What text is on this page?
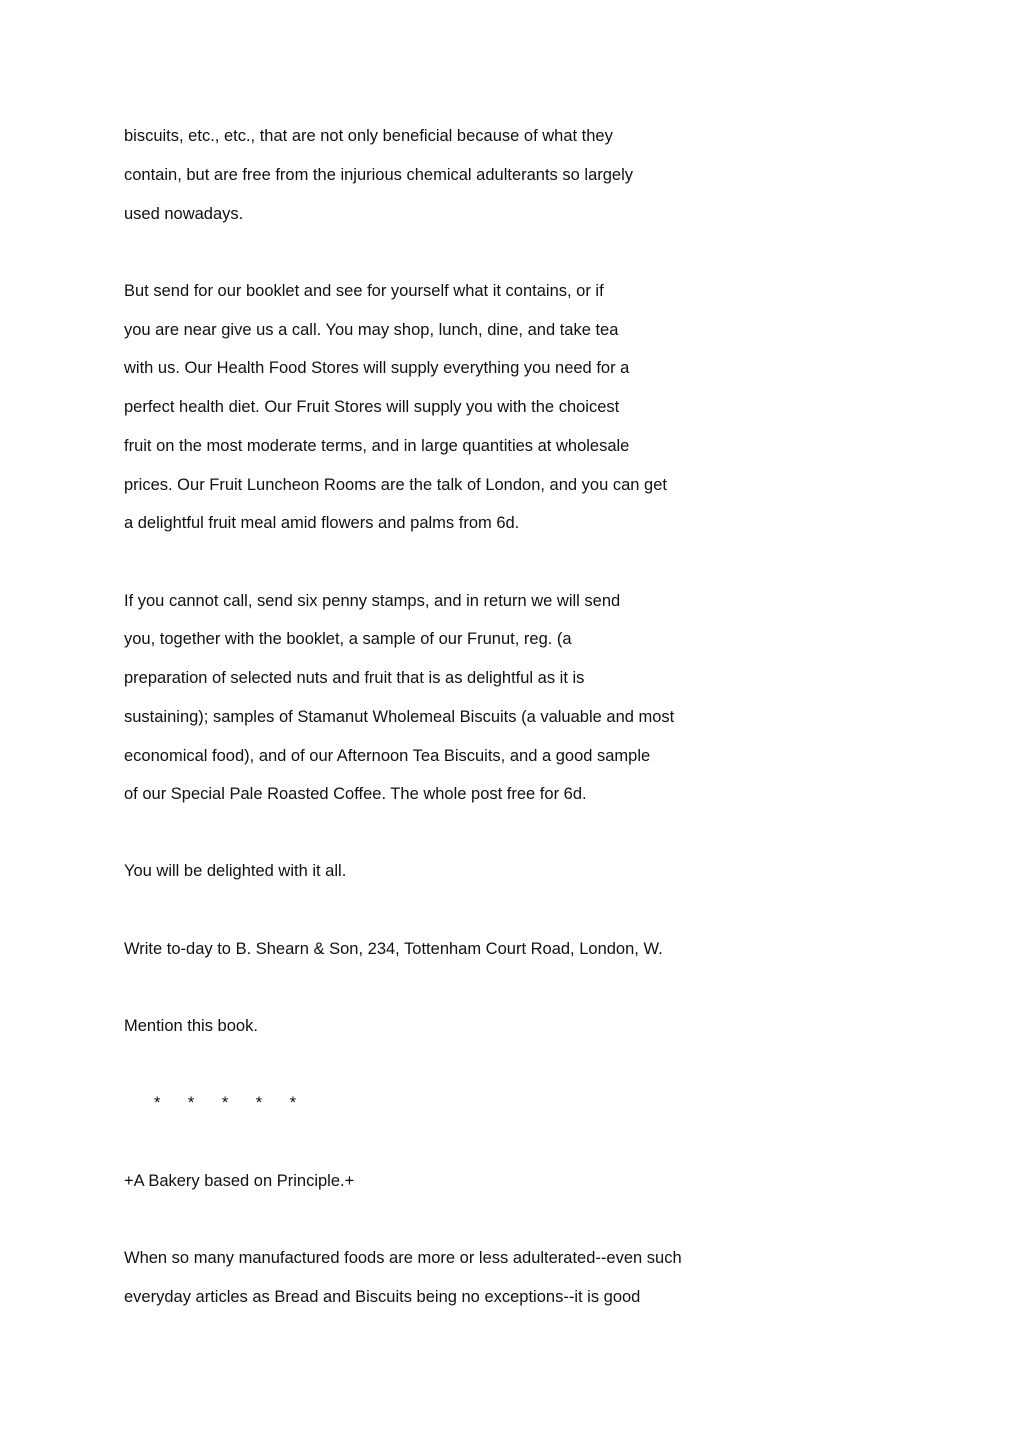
biscuits, etc., etc., that are not only beneficial because of what they
contain, but are free from the injurious chemical adulterants so largely
used nowadays.
But send for our booklet and see for yourself what it contains, or if
you are near give us a call. You may shop, lunch, dine, and take tea
with us. Our Health Food Stores will supply everything you need for a
perfect health diet. Our Fruit Stores will supply you with the choicest
fruit on the most moderate terms, and in large quantities at wholesale
prices. Our Fruit Luncheon Rooms are the talk of London, and you can get
a delightful fruit meal amid flowers and palms from 6d.
If you cannot call, send six penny stamps, and in return we will send
you, together with the booklet, a sample of our Frunut, reg. (a
preparation of selected nuts and fruit that is as delightful as it is
sustaining); samples of Stamanut Wholemeal Biscuits (a valuable and most
economical food), and of our Afternoon Tea Biscuits, and a good sample
of our Special Pale Roasted Coffee. The whole post free for 6d.
You will be delighted with it all.
Write to-day to B. Shearn & Son, 234, Tottenham Court Road, London, W.
Mention this book.
*      *      *      *      *
+A Bakery based on Principle.+
When so many manufactured foods are more or less adulterated--even such
everyday articles as Bread and Biscuits being no exceptions--it is good
